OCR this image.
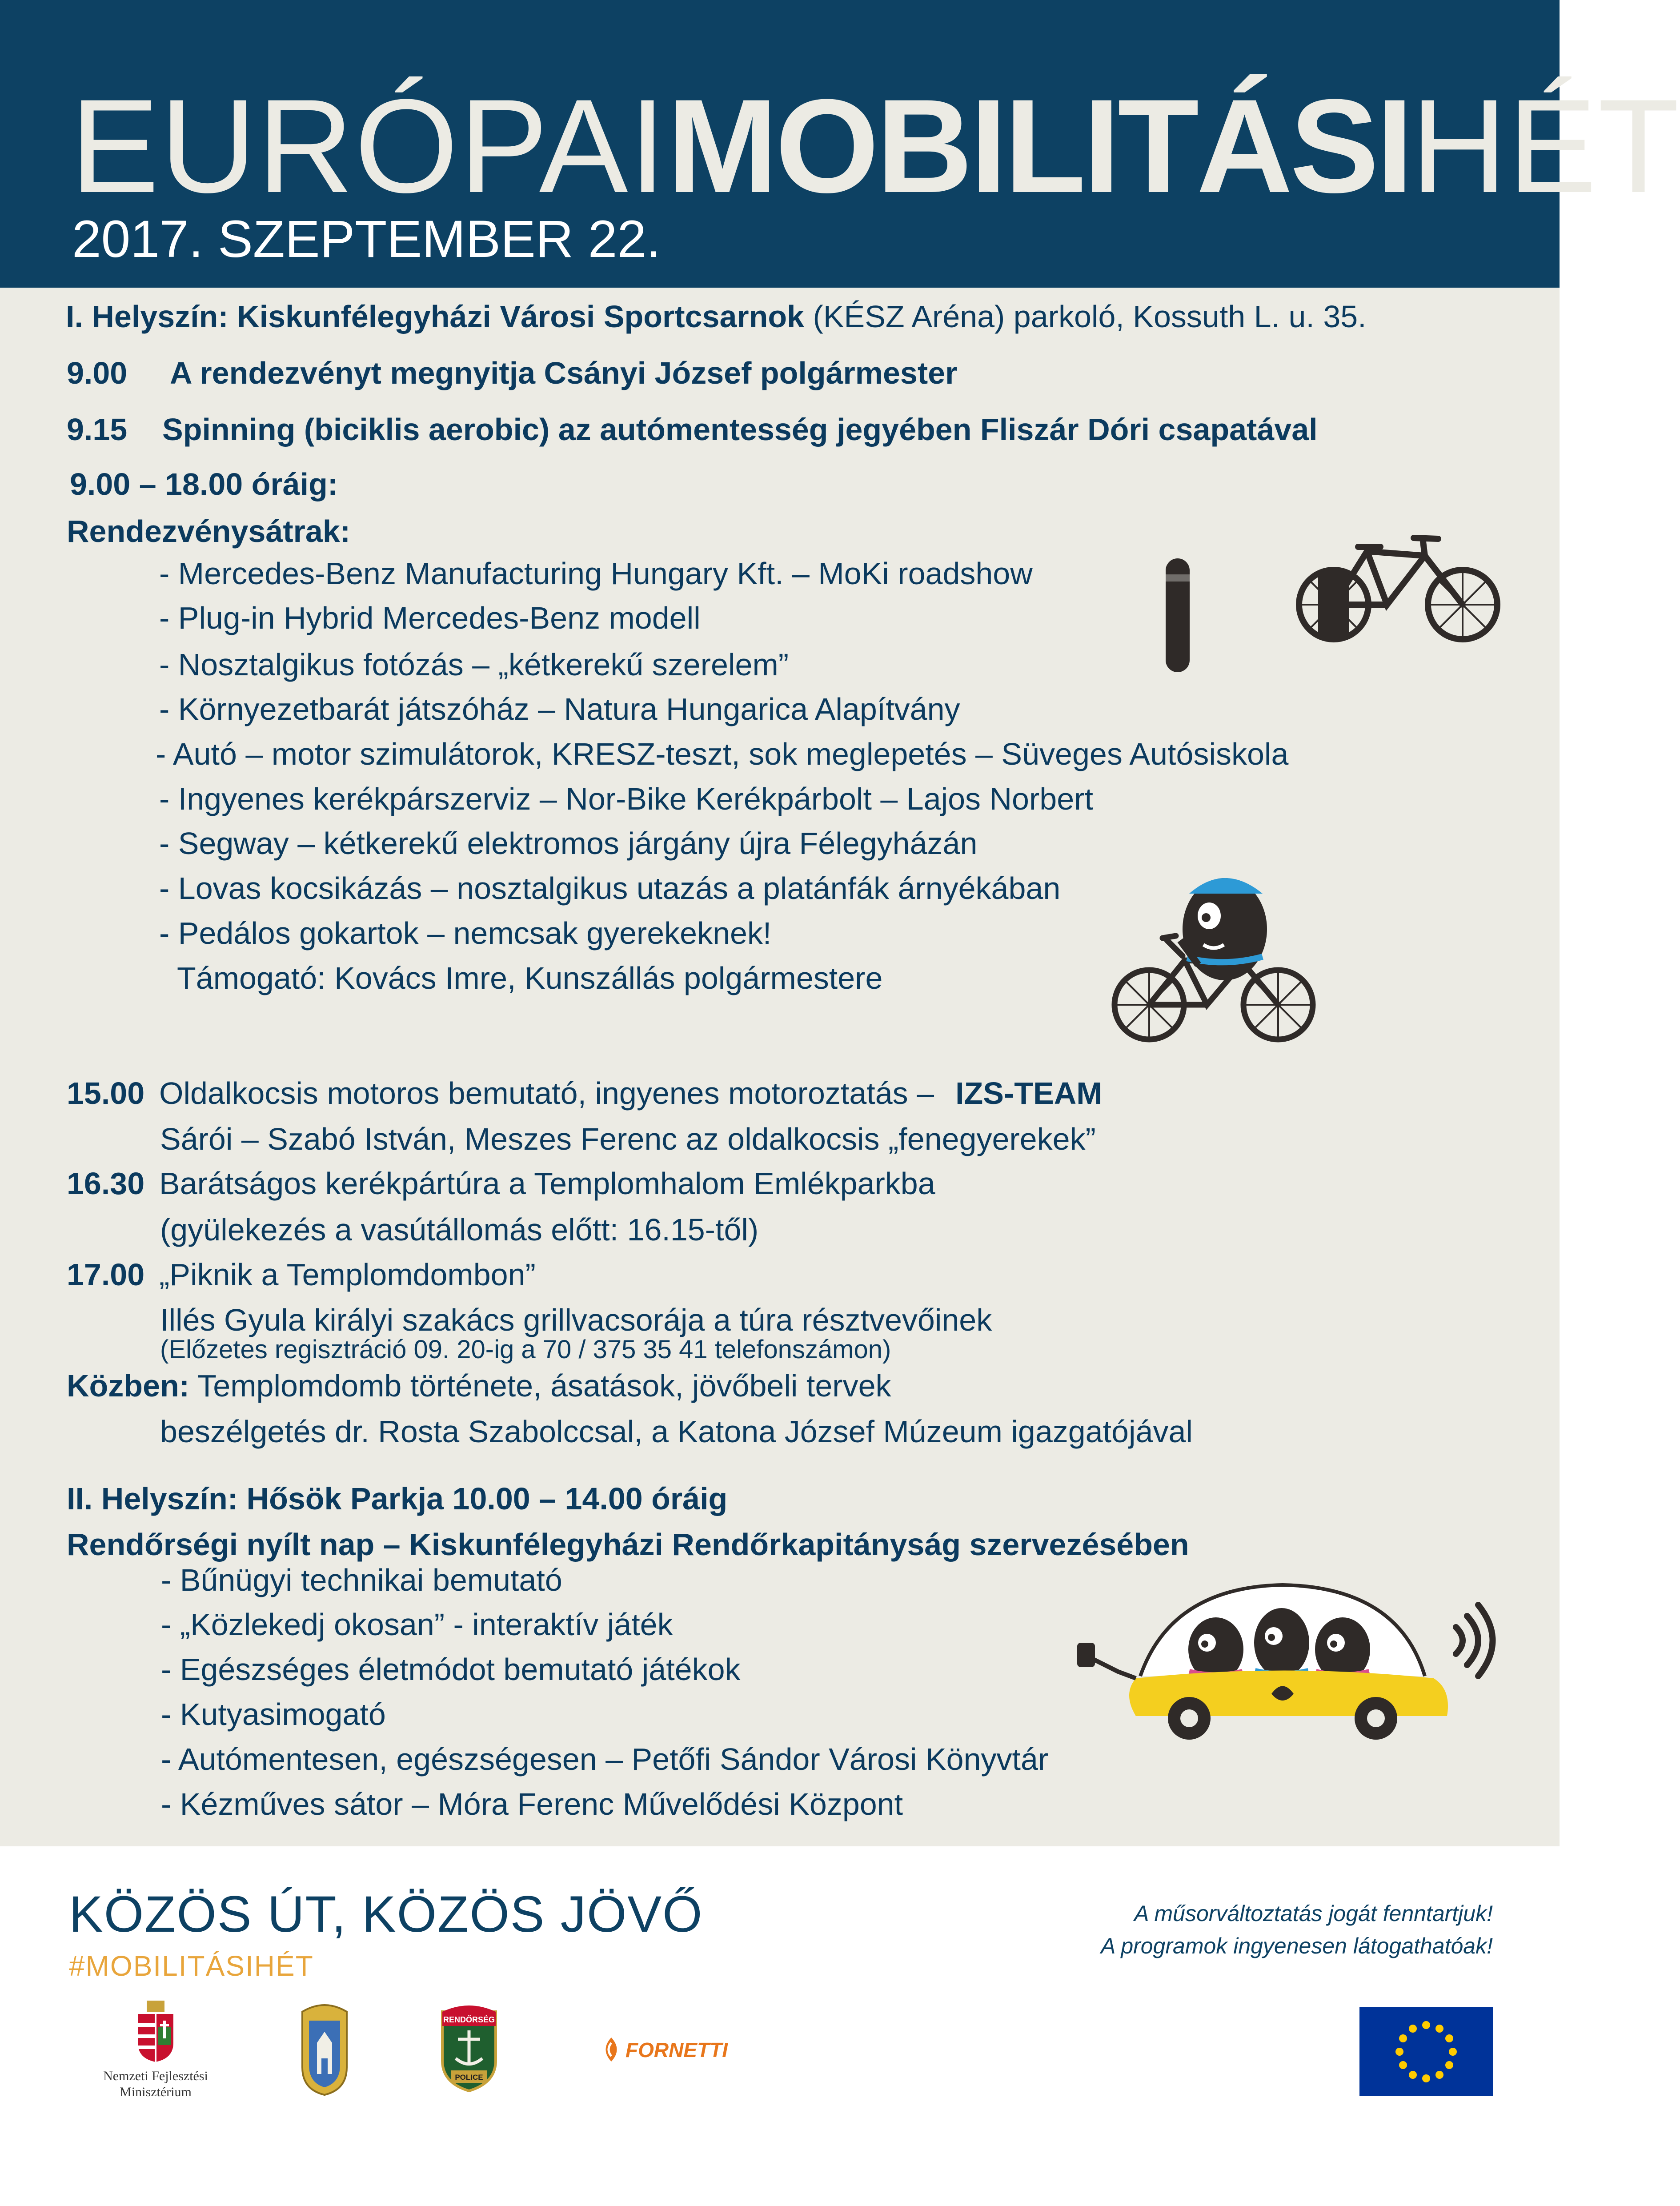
EURÓPAIMOBILITÁSIHÉT
2017. SZEPTEMBER 22.
I. Helyszín: Kiskunfélegyházi Városi Sportcsarnok (KÉSZ Aréna) parkoló, Kossuth L. u. 35.
9.00 A rendezvényt megnyitja Csányi József polgármester
9.15 Spinning (biciklis aerobic) az autómentesség jegyében Fliszár Dóri csapatával
9.00 – 18.00 óráig:
Rendezvénysátrak:
- Mercedes-Benz Manufacturing Hungary Kft. – MoKi roadshow
- Plug-in Hybrid Mercedes-Benz modell
- Nosztalgikus fotózás – „kétkerekű szerelem”
- Környezetbarát játszóház – Natura Hungarica Alapítvány
- Autó – motor szimulátorok, KRESZ-teszt, sok meglepetés – Süveges Autósiskola
- Ingyenes kerékpárszerviz – Nor-Bike Kerékpárbolt – Lajos Norbert
- Segway – kétkerekű elektromos járgány újra Félegyházán
- Lovas kocsikázás – nosztalgikus utazás a platánfák árnyékában
- Pedálos gokartok – nemcsak gyerekeknek!
Támogató: Kovács Imre, Kunszállás polgármestere
15.00 Oldalkocsis motoros bemutató, ingyenes motoroztatás – IZS-TEAM
Sárói – Szabó István, Meszes Ferenc az oldalkocsis „fenegyerekek”
16.30 Barátságos kerékpártúra a Templomhalom Emlékparkba
(gyülekezés a vasútállomás előtt: 16.15-től)
17.00 „Piknik a Templomdombon”
Illés Gyula királyi szakács grillvacsorája a túra résztvevőinek
(Előzetes regisztráció 09. 20-ig a 70 / 375 35 41 telefonszámon)
Közben: Templomdomb története, ásatások, jövőbeli tervek
beszélgetés dr. Rosta Szabolccsal, a Katona József Múzeum igazgatójával
II. Helyszín: Hősök Parkja 10.00 – 14.00 óráig
Rendőrségi nyílt nap – Kiskunfélegyházi Rendőrkapitányság szervezésében
- Bűnügyi technikai bemutató
- „Közlekedj okosan” - interaktív játék
- Egészséges életmódot bemutató játékok
- Kutyasimogató
- Autómentesen, egészségesen – Petőfi Sándor Városi Könyvtár
- Kézműves sátor – Móra Ferenc Művelődési Központ
KÖZÖS ÚT, KÖZÖS JÖVŐ
#MOBILITÁSIHÉT
A műsorváltoztatás jogát fenntartjuk!
A programok ingyenesen látogathatóak!
Nemzeti Fejlesztési
Minisztérium
RENDŐRSÉG
POLICE
FORNETTI
